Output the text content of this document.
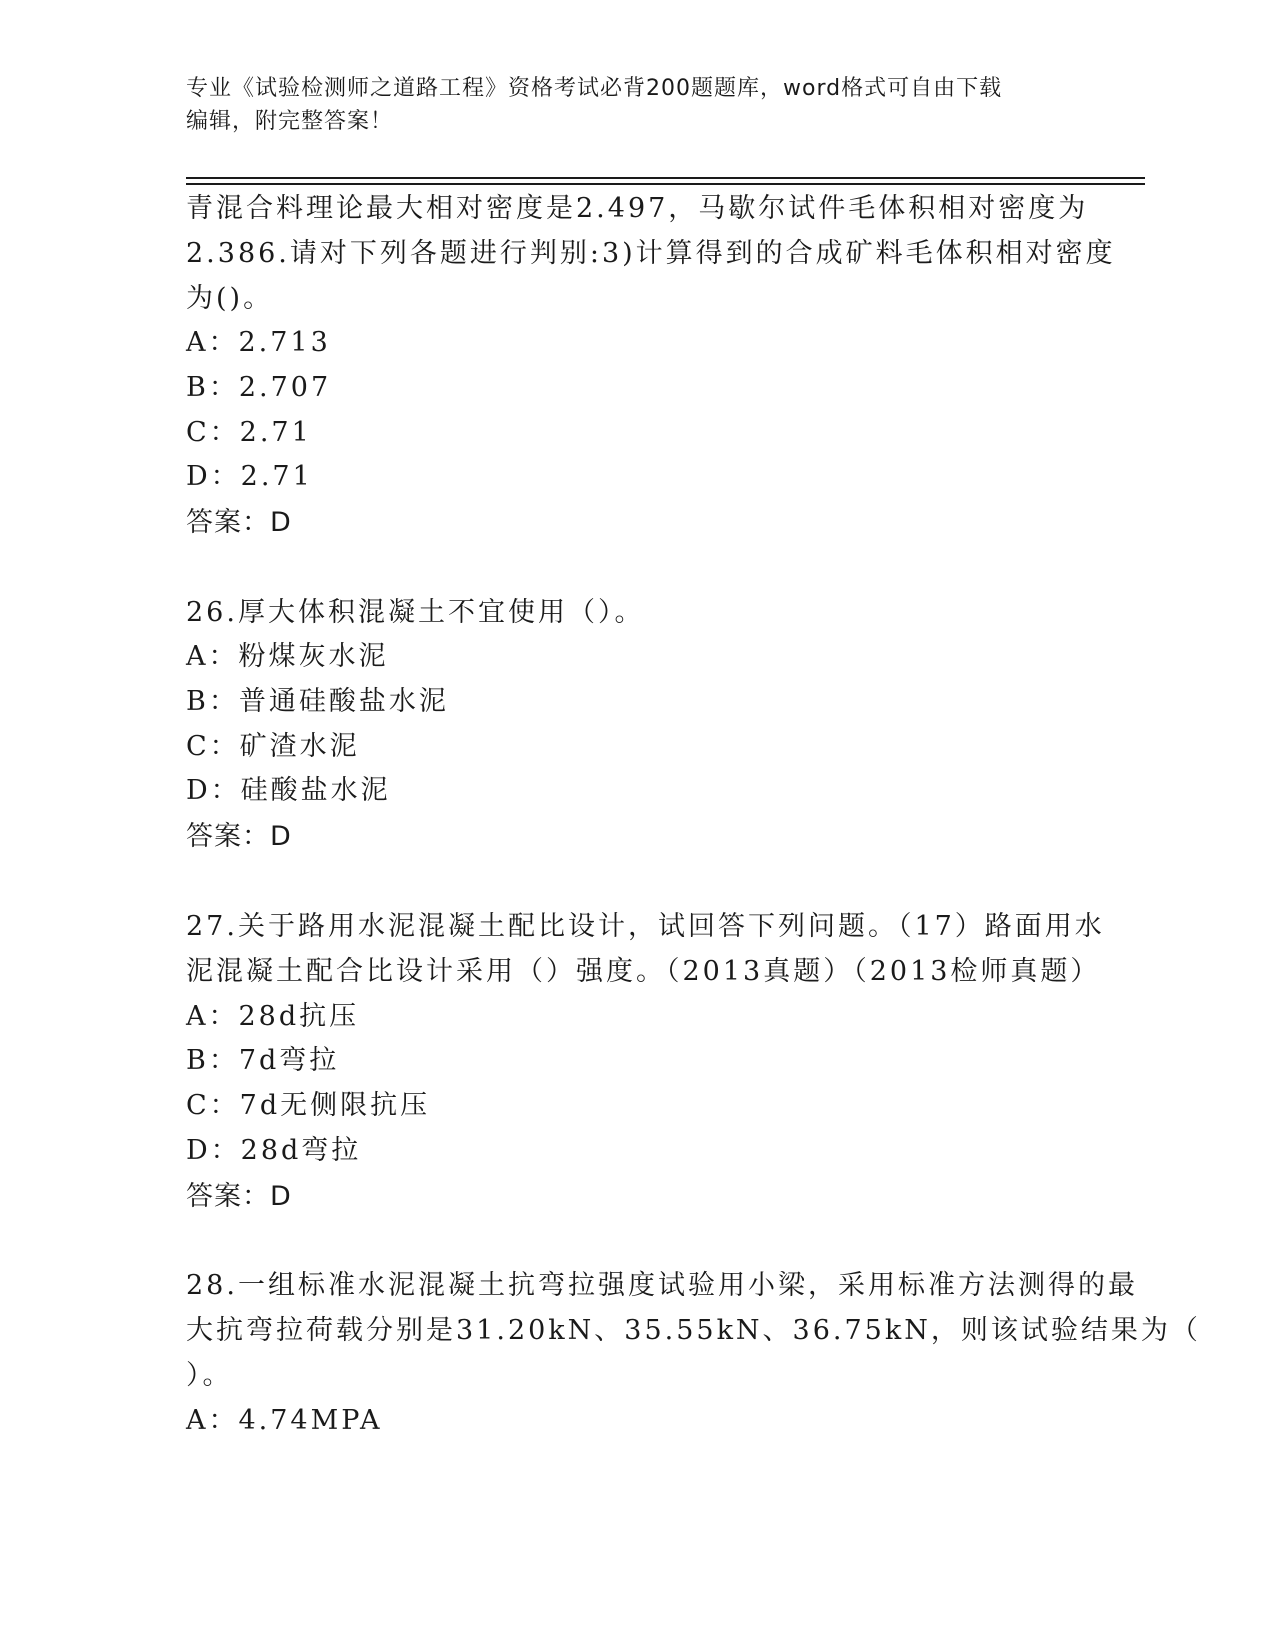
专业《试验检测师之道路工程》资格考试必背200题题库，word格式可自由下载
编辑，附完整答案！
青混合料理论最大相对密度是2.497，马歇尔试件毛体积相对密度为
2.386.请对下列各题进行判别:3)计算得到的合成矿料毛体积相对密度
为()。
A：2.713
B：2.707
C：2.71
D：2.71
答案：D
26.厚大体积混凝土不宜使用（）。
A：粉煤灰水泥
B：普通硅酸盐水泥
C：矿渣水泥
D：硅酸盐水泥
答案：D
27.关于路用水泥混凝土配比设计，试回答下列问题。（17）路面用水
泥混凝土配合比设计采用（）强度。（2013真题）（2013检师真题）
A：28d抗压
B：7d弯拉
C：7d无侧限抗压
D：28d弯拉
答案：D
28.一组标准水泥混凝土抗弯拉强度试验用小梁，采用标准方法测得的最
大抗弯拉荷载分别是31.20kN、35.55kN、36.75kN，则该试验结果为（
）。
A：4.74MPA
